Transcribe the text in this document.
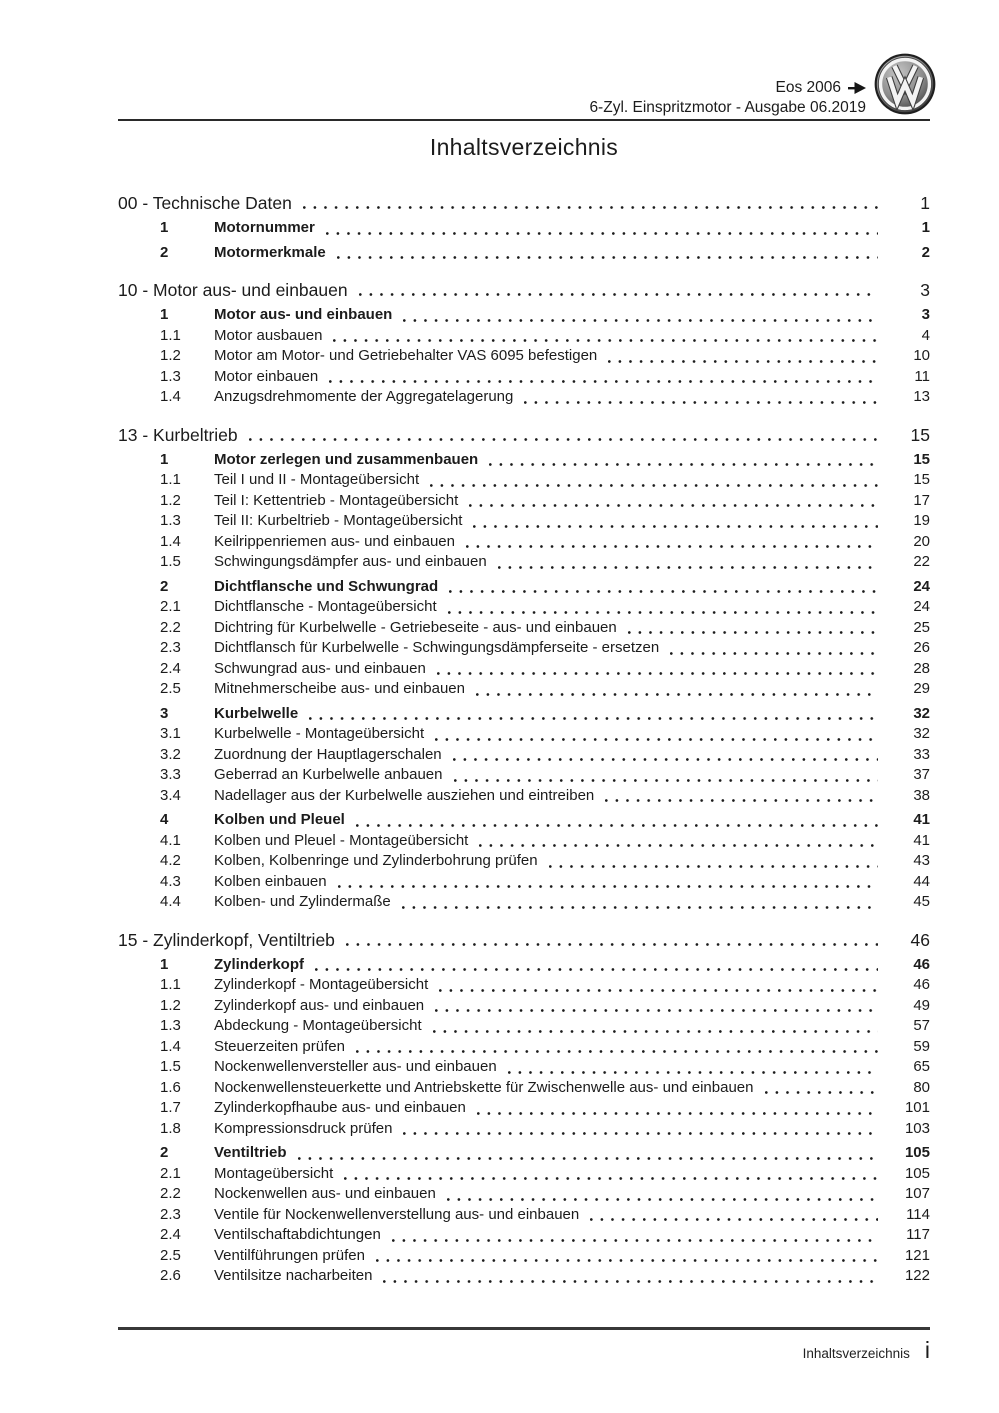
Eos 2006
6-Zyl. Einspritzmotor - Ausgabe 06.2019
Inhaltsverzeichnis
00 - Technische Daten	1
1	Motornummer	1
2	Motormerkmale	2
10 - Motor aus- und einbauen	3
1	Motor aus- und einbauen	3
1.1	Motor ausbauen	4
1.2	Motor am Motor- und Getriebehalter VAS 6095 befestigen	10
1.3	Motor einbauen	11
1.4	Anzugsdrehmomente der Aggregatelagerung	13
13 - Kurbeltrieb	15
1	Motor zerlegen und zusammenbauen	15
1.1	Teil I und II - Montageübersicht	15
1.2	Teil I: Kettentrieb - Montageübersicht	17
1.3	Teil II: Kurbeltrieb - Montageübersicht	19
1.4	Keilrippenriemen aus- und einbauen	20
1.5	Schwingungsdämpfer aus- und einbauen	22
2	Dichtflansche und Schwungrad	24
2.1	Dichtflansche - Montageübersicht	24
2.2	Dichtring für Kurbelwelle - Getriebeseite - aus- und einbauen	25
2.3	Dichtflansch für Kurbelwelle - Schwingungsdämpferseite - ersetzen	26
2.4	Schwungrad aus- und einbauen	28
2.5	Mitnehmerscheibe aus- und einbauen	29
3	Kurbelwelle	32
3.1	Kurbelwelle - Montageübersicht	32
3.2	Zuordnung der Hauptlagerschalen	33
3.3	Geberrad an Kurbelwelle anbauen	37
3.4	Nadellager aus der Kurbelwelle ausziehen und eintreiben	38
4	Kolben und Pleuel	41
4.1	Kolben und Pleuel - Montageübersicht	41
4.2	Kolben, Kolbenringe und Zylinderbohrung prüfen	43
4.3	Kolben einbauen	44
4.4	Kolben- und Zylindermaße	45
15 - Zylinderkopf, Ventiltrieb	46
1	Zylinderkopf	46
1.1	Zylinderkopf - Montageübersicht	46
1.2	Zylinderkopf aus- und einbauen	49
1.3	Abdeckung - Montageübersicht	57
1.4	Steuerzeiten prüfen	59
1.5	Nockenwellenversteller aus- und einbauen	65
1.6	Nockenwellensteuerkette und Antriebskette für Zwischenwelle aus- und einbauen	80
1.7	Zylinderkopfhaube aus- und einbauen	101
1.8	Kompressionsdruck prüfen	103
2	Ventiltrieb	105
2.1	Montageübersicht	105
2.2	Nockenwellen aus- und einbauen	107
2.3	Ventile für Nockenwellenverstellung aus- und einbauen	114
2.4	Ventilschaftabdichtungen	117
2.5	Ventilführungen prüfen	121
2.6	Ventilsitze nacharbeiten	122
Inhaltsverzeichnis i
